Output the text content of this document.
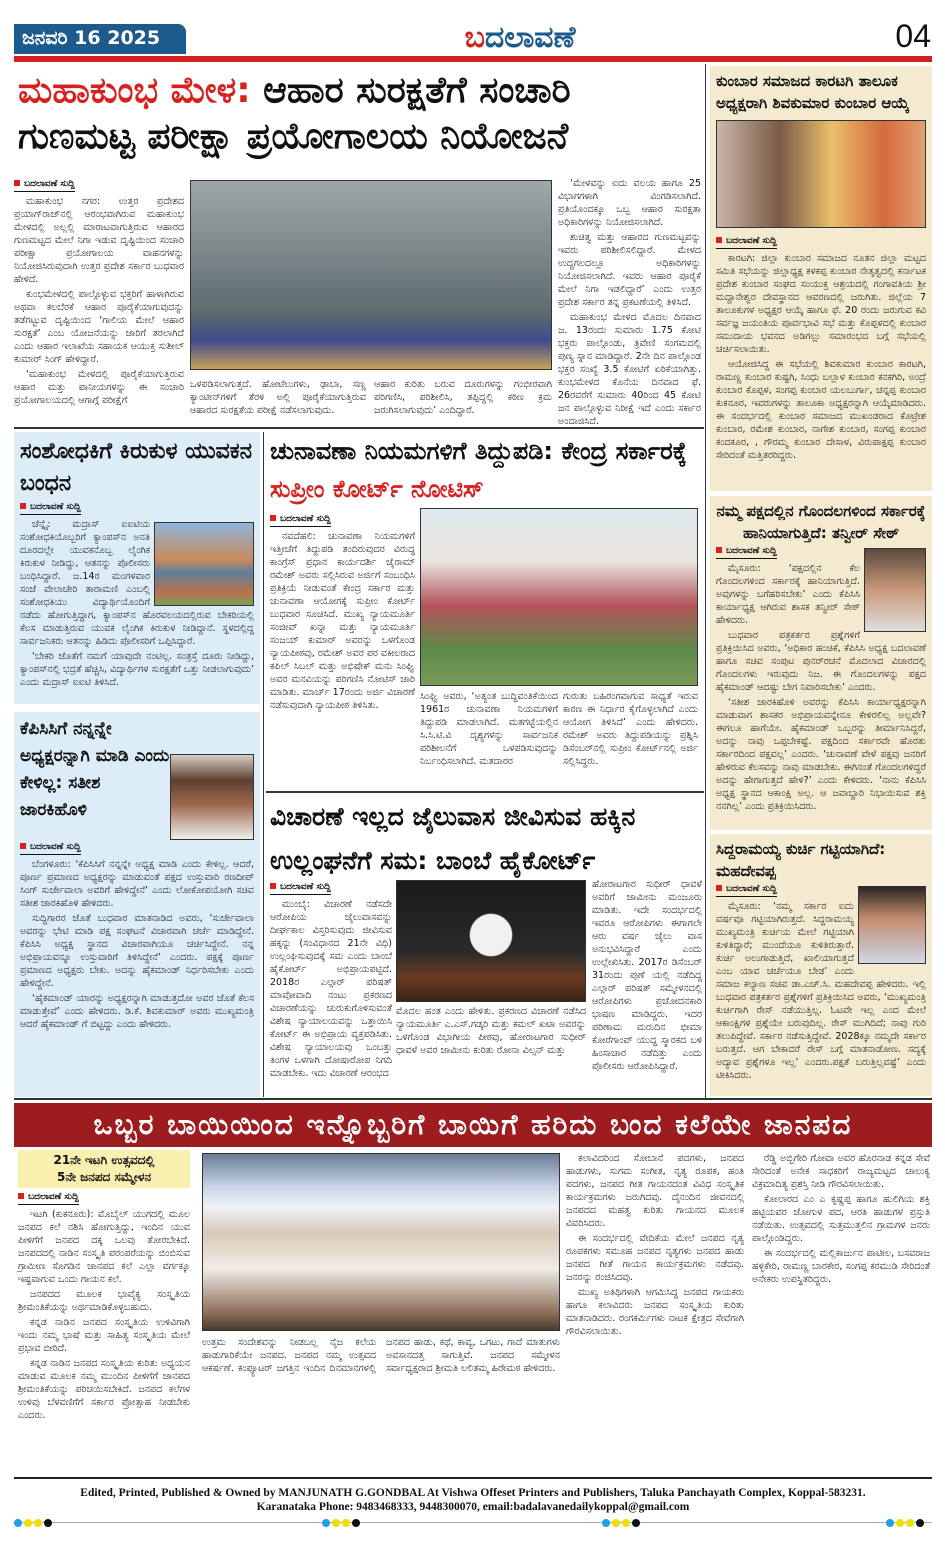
ಜನವರಿ 16 2025	ಬದಲಾವಣೆ	04
ಮಹಾಕುಂಭ ಮೇಳ: ಆಹಾರ ಸುರಕ್ಷತೆಗೆ ಸಂಚಾರಿ ಗುಣಮಟ್ಟ ಪರೀಕ್ಷಾ ಪ್ರಯೋಗಾಲಯ ನಿಯೋಜನೆ
ಬದಲಾವಣೆ ಸುದ್ದಿ

ಮಹಾಕುಂಭ ನಗರ: ಉತ್ತರ ಪ್ರದೇಶದ ಪ್ರಯಾಗ್‌ರಾಜ್‌ನಲ್ಲಿ ಆರಂಭವಾಗಿರುವ ಮಹಾಕುಂಭ ಮೇಳದಲ್ಲಿ ಅಲ್ಲಲ್ಲಿ ಮಾರಾಟವಾಗುತ್ತಿರುವ ಆಹಾರದ ಗುಣಮಟ್ಟದ ಮೇಲೆ ನಿಗಾ ಇಡುವ ದೃಷ್ಟಿಯಿಂದ ಸಂಚಾರಿ ಪರೀಕ್ಷಾ ಪ್ರಯೋಗಾಲಯ ವಾಹನಗಳನ್ನು ನಿಯೋಜಿಸಿರುವುದಾಗಿ ಉತ್ತರ ಪ್ರದೇಶ ಸರ್ಕಾರ ಬುಧವಾರ ಹೇಳಿದೆ.

ಕುಂಭಮೇಳದಲ್ಲಿ ಪಾಲ್ಗೊಳ್ಳುವ ಭಕ್ತರಿಗೆ ಹಾಳಾಗಿರುವ ಅಥವಾ ಕಲಬೆರಕೆ ಆಹಾರ ಪೂರೈಕೆಯಾಗುವುದನ್ನು ತಡೆಗಟ್ಟುವ ದೃಷ್ಟಿಯಿಂದ ‘ಗಾಲಿಯ ಮೇಲೆ ಆಹಾರ ಸುರಕ್ಷತೆ’ ಎಂಬ ಯೋಜನೆಯನ್ನು ಜಾರಿಗೆ ತರಲಾಗಿದೆ ಎಂದು ಆಹಾರ ಇಲಾಖೆಯ ಸಹಾಯಕ ಆಯುಕ್ತ ಸುಶೀಲ್ ಕುಮಾರ್ ಸಿಂಗ್ ಹೇಳಿದ್ದಾರೆ.

‘ಮಹಾಕುಂಭ ಮೇಳದಲ್ಲಿ ಪೂರೈಕೆಯಾಗುತ್ತಿರುವ ಆಹಾರ ಮತ್ತು ಪಾನೀಯಗಳನ್ನು ಈ ಸಂಚಾರಿ ಪ್ರಯೋಗಾಲಯದಲ್ಲಿ ಆಗಾಗ್ಗೆ ಪರೀಕ್ಷೆಗೆ

ಒಳಪಡಿಸಲಾಗುತ್ತದೆ. ಹೋಟೆಲುಗಳು, ಢಾಬಾ, ಸಣ್ಣ ಕ್ಯಾಂಟೀನ್‌ಗಳಿಗೆ ತೆರಳಿ ಅಲ್ಲಿ ಪೂರೈಕೆಯಾಗುತ್ತಿರುವ ಆಹಾರದ ಸುರಕ್ಷತೆಯ ಪರೀಕ್ಷೆ ನಡೆಸಲಾಗುವುದು.
ಆಹಾರ ಕುರಿತು ಬರುವ ದೂರುಗಳನ್ನು ಗಂಭೀರವಾಗಿ ಪರಿಗಣಿಸಿ, ಪರಿಶೀಲಿಸಿ, ತಪ್ಪಿದ್ದಲ್ಲಿ ಕಠಿಣ ಕ್ರಮ ಜರುಗಿಸಲಾಗುವುದು’ ಎಂದಿದ್ದಾರೆ.

‘ಮೇಳವನ್ನು ಐದು ವಲಯ ಹಾಗೂ 25 ವಿಭಾಗಗಳಾಗಿ ವಿಂಗಡಿಸಲಾಗಿದೆ. ಪ್ರತಿಯೊಂದಕ್ಕೂ ಒಬ್ಬ ಆಹಾರ ಸುರಕ್ಷತಾ ಅಧಿಕಾರಿಗಳನ್ನು ನಿಯೋಜಿಸಲಾಗಿದೆ.

ಶುಚಿತ್ವ ಮತ್ತು ಆಹಾರದ ಗುಣಮಟ್ಟವನ್ನು ಇವರು ಪರಿಶೀಲಿಸಲಿದ್ದಾರೆ. ಮೇಳದ ಉದ್ದಗಲದಲ್ಲೂ ಅಧಿಕಾರಿಗಳನ್ನು ನಿಯೋಜಿಸಲಾಗಿದೆ. ಇವರು ಆಹಾರ ಪೂರೈಕೆ ಮೇಲೆ ನಿಗಾ ಇಡಲಿದ್ದಾರೆ’ ಎಂದು ಉತ್ತರ ಪ್ರದೇಶ ಸರ್ಕಾರ ತನ್ನ ಪ್ರಕಟಣೆಯಲ್ಲಿ ತಿಳಿಸಿದೆ.

ಮಹಾಕುಂಭ ಮೇಳದ ಮೊದಲ ದಿನವಾದ ಜ. 13ರಂದು ಸುಮಾರು 1.75 ಕೋಟಿ ಭಕ್ತರು ಪಾಲ್ಗೊಂಡು, ತ್ರಿವೇಣಿ ಸಂಗಮದಲ್ಲಿ ಪುಣ್ಯ ಸ್ನಾನ ಮಾಡಿದ್ದಾರೆ. 2ನೇ ದಿನ ಪಾಲ್ಗೊಂಡ ಭಕ್ತರ ಸಂಖ್ಯೆ 3.5 ಕೋಟಿಗೆ ಏರಿಕೆಯಾಗಿತ್ತು. ಕುಂಭಮೇಳದ ಕೊನೆಯ ದಿನವಾದ ಫೆ. 26ರವರೆಗೆ ಸುಮಾರು 40ರಿಂದ 45 ಕೋಟಿ ಜನ ಪಾಲ್ಗೊಳ್ಳುವ ನಿರೀಕ್ಷೆ ಇದೆ ಎಂದು ಸರ್ಕಾರ ಅಂದಾಜಿಸಿದೆ.

ಕುಂಬಾರ ಸಮಾಜದ ಕಾರಟಗಿ ತಾಲೂಕ ಅಧ್ಯಕ್ಷರಾಗಿ ಶಿವಕುಮಾರ ಕುಂಬಾರ ಆಯ್ಕೆ
ಬದಲಾವಣೆ ಸುದ್ದಿ

ಕಾರಟಗಿ: ಜಿಲ್ಲಾ ಕುಂಬಾರ ಸಮಾಜದ ನೂತನ ಜಿಲ್ಲಾ ಮಟ್ಟದ ಸಮಿತಿ ಸಭೆಯನ್ನು ಜಿಲ್ಲಾಧ್ಯಕ್ಷ ಕಳಕಪ್ಪ ಕುಂಬಾರ ನೇತೃತ್ವದಲ್ಲಿ ಕರ್ನಾಟಕ ಪ್ರದೇಶ ಕುಂಬಾರ ಸಂಘದ ಸಂಯುಕ್ತ ಆಶ್ರಯದಲ್ಲಿ ಗಂಗಾವತಿಯ ಶ್ರೀ ಮದ್ದಾನೇಶ್ವರ ದೇವಸ್ಥಾನದ ಆವರಣದಲ್ಲಿ ಜರುಗಿತು. ಜಿಲ್ಲೆಯ 7 ತಾಲೂಕುಗಳ ಅಧ್ಯಕ್ಷರ ಆಯ್ಕೆ ಹಾಗೂ ಫೆ. 20 ರಂದು ಜರುಗುವ ಕವಿ ಸರ್ವಜ್ಞ ಜಯಂತಿಯ ಪೂರ್ವಭಾವಿ ಸಭೆ ಮತ್ತು ಕೊಪ್ಪಳದಲ್ಲಿ ಕುಂಬಾರ ಸಮುದಾಯ ಭವನದ ಅಡಿಗಲ್ಲು ಸಮಾರಂಭದ ಬಗ್ಗೆ ಸಭೆಯಲ್ಲಿ ಚರ್ಚಿಸಲಾಯಿತು.

ಆಯೋಜಿಸಿದ್ದ ಈ ಸಭೆಯಲ್ಲಿ ಶಿವಕುಮಾರ ಕುಂಬಾರ ಕಾರಟಗಿ, ರಾಮಣ್ಣ ಕುಂಬಾರ ಕುಷ್ಟಗಿ, ಸಿಂಧು ಬಲ್ಲಾಳ ಕುಂಬಾರ ಕನಕಗಿರಿ, ಅಂದ್ರೆ ಕುಂಬಾರ ಕೊಪ್ಪಳ, ಸಂಗಪ್ಪ ಕುಂಬಾರ ಯಲಬುರ್ಗಾ, ಚನ್ನಪ್ಪ ಕುಂಬಾರ ಕುಕನೂರ, ಇವರುಗಳನ್ನು ತಾಲೂಕಾ ಅಧ್ಯಕ್ಷರನ್ನಾಗಿ ಆಯ್ಕೆಮಾಡಿದರು. ಈ ಸಂದರ್ಭದಲ್ಲಿ ಕುಂಬಾರ ಸಮಾಜದ ಮುಖಂಡರಾದ ಕೊಟ್ರೇಶ ಕುಂಬಾರ, ರಮೇಶ ಕುಂಬಾರ, ನಾಗೇಶ ಕುಂಬಾರ, ಸಂಗಪ್ಪ ಕುಂಬಾರ ಕಂದಕೂರ, , ಗೌರಮ್ಮ ಕುಂಬಾರ ದೇಸಾಳ, ವಿರುಪಾಕ್ಷಪ್ಪ ಕುಂಬಾರ ಸೇರಿದಂತೆ ಮತ್ತಿತರರಿದ್ದರು.

ನಮ್ಮ ಪಕ್ಷದಲ್ಲಿನ ಗೊಂದಲಗಳಿಂದ ಸರ್ಕಾರಕ್ಕೆ ಹಾನಿಯಾಗುತ್ತಿದೆ: ತನ್ವೀರ್ ಸೇಠ್
ಬದಲಾವಣೆ ಸುದ್ದಿ

ಮೈಸೂರು: ‘ಪಕ್ಷದಲ್ಲಿನ ಕೆಲ ಗೊಂದಲಗಳಿಂದ ಸರ್ಕಾರಕ್ಕೆ ಹಾನಿಯಾಗುತ್ತಿದೆ. ಅವುಗಳನ್ನು ಬಗೆಹರಿಸಬೇಕು’ ಎಂದು ಕೆಪಿಸಿಸಿ ಕಾರ್ಯಾಧ್ಯಕ್ಷ ಆಗಿರುವ ಶಾಸಕ ತನ್ವೀರ್ ಸೇಠ್ ಹೇಳಿದರು.

ಬುಧವಾರ ಪತ್ರಕರ್ತರ ಪ್ರಶ್ನೆಗಳಿಗೆ ಪ್ರತಿಕ್ರಿಯಿಸಿದ ಅವರು, ‘ಅಧಿಕಾರ ಹಂಚಿಕೆ, ಕೆಪಿಸಿಸಿ ಅಧ್ಯಕ್ಷ ಬದಲಾವಣೆ ಹಾಗೂ ಸಚಿವ ಸಂಪುಟ ಪುನರ್‌ರಚನೆ ಮೊದಲಾದ ವಿಚಾರದಲ್ಲಿ ಗೊಂದಲಗಳು ಇರುವುದು ನಿಜ. ಈ ಗೊಂದಲಗಳನ್ನು ಪಕ್ಷದ ಹೈಕಮಾಂಡ್ ಆದಷ್ಟು ಬೇಗ ನಿವಾರಿಸಬೇಕು’ ಎಂದರು.

‘ಸತೀಶ ಜಾರಕಿಹೊಳಿ ಅವರನ್ನು ಕೆಪಿಸಿಸಿ ಕಾರ್ಯಾಧ್ಯಕ್ಷರನ್ನಾಗಿ ಮಾಡುವಾಗ ಶಾಸಕರ ಅಭಿಪ್ರಾಯವನ್ನೇನೂ ಕೇಳಿರಲಿಲ್ಲ ಅಲ್ಲವೇ? ಈಗಲೂ ಹಾಗೆಯೇ. ಹೈಕಮಾಂಡ್ ಒಬ್ಬರನ್ನು ತೀರ್ಮಾನಿಸಿದ್ದರೆ, ಅದನ್ನು ನಾವು ಒಪ್ಪಬೇಕಷ್ಟೆ. ಪಕ್ಷದಿಂದ ಸರ್ಕಾರವೇ ಹೊರತು ಸರ್ಕಾರದಿಂದ ಪಕ್ಷವಲ್ಲ’ ಎಂದರು. ‘ಚುನಾವಣೆ ವೇಳೆ ಪಕ್ಷವು ಜನರಿಗೆ ಹೇಳಿರುವ ಕೆಲಸವನ್ನು ನಾವು ಮಾಡಬೇಕು. ಈಗಿನಂತೆ ಗೊಂದಲಗಳಿದ್ದರೆ ಅದನ್ನು ಹೇಗಾಗುತ್ತದೆ ಹೇಳಿ?’ ಎಂದು ಕೇಳಿದರು. ‘ನಾನು ಕೆಪಿಸಿಸಿ ಅಧ್ಯಕ್ಷ ಸ್ಥಾನದ ಆಕಾಂಕ್ಷಿ ಅಲ್ಲ. ಆ ಜವಾಬ್ದಾರಿ ನಿಭಾಯಿಸುವ ಶಕ್ತಿ ನನಗಿಲ್ಲ’ ಎಂದು ಪ್ರತಿಕ್ರಿಯಿಸಿದರು.

ಸಿದ್ದರಾಮಯ್ಯ ಕುರ್ಚಿ ಗಟ್ಟಿಯಾಗಿದೆ: ಮಹದೇವಪ್ಪ
ಬದಲಾವಣೆ ಸುದ್ದಿ

ಮೈಸೂರು: ‘ನಮ್ಮ ಸರ್ಕಾರ ಐದು ವರ್ಷವೂ ಗಟ್ಟಿಯಾಗಿರುತ್ತದೆ. ಸಿದ್ದರಾಮಯ್ಯ ಮುಖ್ಯಮಂತ್ರಿ ಕುರ್ಚಿಯ ಮೇಲೆ ಗಟ್ಟಿಯಾಗಿ ಕುಳಿತಿದ್ದಾರೆ; ಮುಂದೆಯೂ ಕುಳಿತಿರುತ್ತಾರೆ. ಕುರ್ಚಿ ಅಲುಗಾಡುತ್ತಿದೆ, ಖಾಲಿಯಾಗುತ್ತದೆ ಎಂಬ ಯಾವ ಚರ್ಚೆಯೂ ಬೇಡ’ ಎಂದು ಸಮಾಜ ಕಲ್ಯಾಣ ಸಚಿವ ಡಾ.ಎಚ್.ಸಿ. ಮಹದೇವಪ್ಪ ಹೇಳಿದರು. ಇಲ್ಲಿ ಬುಧವಾರ ಪತ್ರಕರ್ತರ ಪ್ರಶ್ನೆಗಳಿಗೆ ಪ್ರತಿಕ್ರಿಯಿಸಿದ ಅವರು, ‘ಮುಖ್ಯಮಂತ್ರಿ ಕುರ್ಚಿಗಾಗಿ ರೇಸ್ ನಡೆಯುತ್ತಿಲ್ಲ. ಓಟವೇ ಇಲ್ಲ ಎಂದ ಮೇಲೆ ಆಕಾಂಕ್ಷಿಗಳ ಪ್ರಶ್ನೆಯೇ ಬರುವುದಿಲ್ಲ. ರೇಸ್ ಮುಗಿದಿದೆ; ನಾವು ಗುರಿ ತಲುಪಿದ್ದೇವೆ. ಸರ್ಕಾರ ನಡೆಸುತ್ತಿದ್ದೇವೆ. 2028ಕ್ಕೂ ನಮ್ಮದೇ ಸರ್ಕಾರ ಬರುತ್ತದೆ. ಆಗ ಬೇಕಾದರೆ ರೇಸ್ ಬಗ್ಗೆ ಮಾತನಾಡೋಣ. ಸದ್ಯಕ್ಕೆ ಅದ್ಯಾವ ಪ್ರಶ್ನೆಗಳೂ ಇಲ್ಲ’ ಎಂದರು.ಪಕ್ಷತೆ ಬರುತ್ತಿಲ್ಲವಷ್ಟೆ’ ಎಂದು ಟೀಕಿಸಿದರು.

ಸಂಶೋಧಕಿಗೆ ಕಿರುಕುಳ ಯುವಕನ ಬಂಧನ
ಬದಲಾವಣೆ ಸುದ್ದಿ

ಚೆನ್ನೈ: ಮದ್ರಾಸ್ ಐಐಟಿಯ ಸಂಶೋಧಕಿಯೊಬ್ಬರಿಗೆ ಕ್ಯಾಂಪಸ್‌ನ ಅನತಿ ದೂರದಲ್ಲೇ ಯುವಕನೊಬ್ಬ ಲೈಂಗಿಕ ಕಿರುಕುಳ ನೀಡಿದ್ದು, ಆತನನ್ನು ಪೊಲೀಸರು ಬಂಧಿಸಿದ್ದಾರೆ. ಜ.14ರ ಮಂಗಳವಾರ ಸಂಜೆ ವೇಲಾಚೇರಿ ತಾರಾಮಣಿ ಎಂಬಲ್ಲಿ ಸಂಶೋಧಕಿಯು ವಿದ್ಯಾರ್ಥಿಯೊಂದಿಗೆ ನಡೆದು ಹೋಗುತ್ತಿದ್ದಾಗ, ಕ್ಯಾಂಪಸ್‌ನ ಹೊರವಲಯದಲ್ಲಿರುವ ಬೇಕರಿಯಲ್ಲಿ ಕೆಲಸ ಮಾಡುತ್ತಿರುವ ಯುವಕ ಲೈಂಗಿಕ ಕಿರುಕುಳ ನೀಡಿದ್ದಾನೆ. ಸ್ಥಳದಲ್ಲಿದ್ದ ಸಾರ್ವಜನಿಕರು ಆತನನ್ನು ಹಿಡಿದು ಪೊಲೀಸರಿಗೆ ಒಪ್ಪಿಸಿದ್ದಾರೆ.

‘ಬೇಕರಿ ಜೊತೆಗೆ ನಮಗೆ ಯಾವುದೇ ನಂಟಿಲ್ಲ. ಸಂತ್ರಸ್ತೆ ದೂರು ನೀಡಿದ್ದು, ಕ್ಯಾಂಪಸ್‌ನಲ್ಲಿ ಭದ್ರತೆ ಹೆಚ್ಚಿಸಿ, ವಿದ್ಯಾರ್ಥಿಗಳ ಸುರಕ್ಷತೆಗೆ ಒತ್ತು ನೀಡಲಾಗುವುದು’ ಎಂದು ಮದ್ರಾಸ್ ಐಐಟಿ ತಿಳಿಸಿದೆ.

ಕೆಪಿಸಿಸಿಗೆ ನನ್ನನ್ನೇ ಅಧ್ಯಕ್ಷರನ್ನಾಗಿ ಮಾಡಿ ಎಂದು ಕೇಳಿಲ್ಲ: ಸತೀಶ ಜಾರಕಿಹೊಳಿ
ಬದಲಾವಣೆ ಸುದ್ದಿ

ಬೆಂಗಳೂರು: ‘ಕೆಪಿಸಿಸಿಗೆ ನನ್ನನ್ನೇ ಅಧ್ಯಕ್ಷ ಮಾಡಿ ಎಂದು ಕೇಳಿಲ್ಲ. ಆದರೆ, ಪೂರ್ಣ ಪ್ರಮಾಣದ ಅಧ್ಯಕ್ಷರನ್ನು ಮಾಡುವಂತೆ ಪಕ್ಷದ ಉಸ್ತುವಾರಿ ರಣದೀಪ್ ಸಿಂಗ್ ಸುರ್ಜೇವಾಲಾ ಅವರಿಗೆ ಹೇಳಿದ್ದೇನೆ’ ಎಂದು ಲೋಕೋಪಯೋಗಿ ಸಚಿವ ಸತೀಶ ಜಾರಕಿಹೊಳಿ ಹೇಳಿದರು.

ಸುದ್ದಿಗಾರರ ಜೊತೆ ಬುಧವಾರ ಮಾತನಾಡಿದ ಅವರು, ‘ಸುರ್ಜೇವಾಲಾ ಅವರನ್ನು ಭೇಟಿ ಮಾಡಿ ಪಕ್ಷ ಸಂಘಟನೆ ವಿಚಾರವಾಗಿ ಚರ್ಚೆ ಮಾಡಿದ್ದೇನೆ. ಕೆಪಿಸಿಸಿ ಅಧ್ಯಕ್ಷ ಸ್ಥಾನದ ವಿಚಾರವಾಗಿಯೂ ಚರ್ಚಿಸಿದ್ದೇನೆ. ನನ್ನ ಅಭಿಪ್ರಾಯವನ್ನೂ ಉಸ್ತುವಾರಿಗೆ ತಿಳಿಸಿದ್ದೇನೆ’ ಎಂದರು. ಪಕ್ಷಕ್ಕೆ ಪೂರ್ಣ ಪ್ರಮಾಣದ ಅಧ್ಯಕ್ಷರು ಬೇಕು. ಅದನ್ನು ಹೈಕಮಾಂಡ್ ನಿರ್ಧರಿಸಬೇಕು ಎಂದು ಹೇಳಿದ್ದೇನೆ.

‘ಹೈಕಮಾಂಡ್ ಯಾರನ್ನು ಅಧ್ಯಕ್ಷರನ್ನಾಗಿ ಮಾಡುತ್ತದೋ ಅವರ ಜೊತೆ ಕೆಲಸ ಮಾಡುತ್ತೇವೆ’ ಎಂದು ಹೇಳಿದರು. ಡಿ.ಕೆ. ಶಿವಕುಮಾರ್ ಅವರು ಮುಖ್ಯಮಂತ್ರಿ ಆದರೆ ಹೈಕಮಾಂಡ್ ಗೆ ಬಿಟ್ಟದ್ದು ಎಂದು ಹೇಳಿದರು.

ಚುನಾವಣಾ ನಿಯಮಗಳಿಗೆ ತಿದ್ದುಪಡಿ: ಕೇಂದ್ರ ಸರ್ಕಾರಕ್ಕೆ ಸುಪ್ರೀಂ ಕೋರ್ಟ್ ನೋಟಿಸ್
ಬದಲಾವಣೆ ಸುದ್ದಿ

ನವದೆಹಲಿ: ಚುನಾವಣಾ ನಿಯಮಗಳಿಗೆ ಇತ್ತೀಚೆಗೆ ತಿದ್ದುಪಡಿ ತಂದಿರುವುದರ ವಿರುದ್ಧ ಕಾಂಗ್ರೆಸ್ ಪ್ರಧಾನ ಕಾರ್ಯದರ್ಶಿ ಜೈರಾಮ್ ರಮೇಶ್ ಅವರು ಸಲ್ಲಿಸಿರುವ ಅರ್ಜಿಗೆ ಸಂಬಂಧಿಸಿ ಪ್ರತಿಕ್ರಿಯೆ ನೀಡುವಂತೆ ಕೇಂದ್ರ ಸರ್ಕಾರ ಮತ್ತು ಚುನಾವಣಾ ಆಯೋಗಕ್ಕೆ ಸುಪ್ರೀಂ ಕೋರ್ಟ್ ಬುಧವಾರ ಸೂಚಿಸಿದೆ. ಮುಖ್ಯ ನ್ಯಾಯಮೂರ್ತಿ ಸಂಜೀವ್ ಖನ್ನಾ ಮತ್ತು ನ್ಯಾಯಮೂರ್ತಿ ಸಂಜಯ್ ಕುಮಾರ್ ಅವರನ್ನು ಒಳಗೊಂಡ ನ್ಯಾಯಪೀಠವು, ರಮೇಶ್ ಅವರ ಪರ ವಕೀಲರಾದ ಕಪಿಲ್ ಸಿಬಲ್ ಮತ್ತು ಅಭಿಷೇಕ್ ಮನು ಸಿಂಘ್ವಿ ಅವರ ಮನವಿಯನ್ನು ಪರಿಗಣಿಸಿ ನೋಟಿಸ್ ಜಾರಿ ಮಾಡಿತು. ಮಾರ್ಚ್ 17ರಂದು ಅರ್ಜಿ ವಿಚಾರಣೆ ನಡೆಸುವುದಾಗಿ ನ್ಯಾಯಪೀಠ ತಿಳಿಸಿತು.

ಸಿಂಘ್ವಿ ಅವರು, ‘ಅತ್ಯಂತ ಬುದ್ಧಿವಂತಿಕೆಯಿಂದ 1961ರ ಚುನಾವಣಾ ನಿಯಮಗಳಿಗೆ ತಿದ್ದುಪಡಿ ಮಾಡಲಾಗಿದೆ. ಮತಗಟ್ಟೆಯಲ್ಲಿನ ಸಿ.ಸಿ.ಟಿ.ವಿ ದೃಶ್ಯಗಳನ್ನು ಸಾರ್ವಜನಿಕ ಪರಿಶೀಲನೆಗೆ ಒಳಪಡಿಸುವುದನ್ನು ನಿರ್ಬಂಧಿಸಲಾಗಿದೆ. ಮತದಾರರ
ಗುರುತು ಬಹಿರಂಗವಾಗುವ ಸಾಧ್ಯತೆ ಇರುವ ಕಾರಣ ಈ ನಿರ್ಧಾರ ಕೈಗೊಳ್ಳಲಾಗಿದೆ ಎಂದು ಆಯೋಗ ತಿಳಿಸಿದೆ’ ಎಂದು ಹೇಳಿದರು. ರಮೇಶ್ ಅವರು ತಿದ್ದುಪಡಿಯನ್ನು ಪ್ರಶ್ನಿಸಿ ಡಿಸೆಂಬರ್‌ನಲ್ಲಿ ಸುಪ್ರೀಂ ಕೋರ್ಟ್‌ನಲ್ಲಿ ಅರ್ಜಿ ಸಲ್ಲಿಸಿದ್ದರು.
ವಿಚಾರಣೆ ಇಲ್ಲದ ಜೈಲುವಾಸ ಜೀವಿಸುವ ಹಕ್ಕಿನ ಉಲ್ಲಂಘನೆಗೆ ಸಮ: ಬಾಂಬೆ ಹೈಕೋರ್ಟ್
ಬದಲಾವಣೆ ಸುದ್ದಿ

ಮುಂಬೈ: ವಿಚಾರಣೆ ನಡೆಸದೇ ಆರೋಪಿಯ ಜೈಲುವಾಸವನ್ನು ದೀರ್ಘಕಾಲ ವಿಸ್ತರಿಸುವುದು ಜೀವಿಸುವ ಹಕ್ಕನ್ನು (ಸಂವಿಧಾನದ 21ನೇ ವಿಧಿ) ಉಲ್ಲಂಘಿಸುವುದಕ್ಕೆ ಸಮ ಎಂದು ಬಾಂಬೆ ಹೈಕೋರ್ಟ್ ಅಭಿಪ್ರಾಯಪಟ್ಟಿದೆ. 2018ರ ಎಲ್ಗಾರ್ ಪರಿಷತ್ ಮಾವೋವಾದಿ ನಂಟು ಪ್ರಕರಣದ ವಿಚಾರಣೆಯನ್ನು ಚುರುಕುಗೊಳಿಸುವಂತೆ ವಿಶೇಷ ನ್ಯಾಯಾಲಯವನ್ನು ಒತ್ತಾಯಿಸಿ ಕೋರ್ಟ್ ಈ ಅಭಿಪ್ರಾಯ ವ್ಯಕ್ತಪಡಿಸಿತು. ವಿಶೇಷ ನ್ಯಾಯಾಲಯವು ಒಂಬತ್ತು ತಿಂಗಳ ಒಳಗಾಗಿ ದೋಷಾರೋಪ ನಿಗದಿ ಮಾಡಬೇಕು. ಇದು ವಿಚಾರಣೆ ಆರಂಭದ

ಮೊದಲ ಹಂತ ಎಂದು ಹೇಳಿತು. ಪ್ರಕರಣದ ವಿಚಾರಣೆ ನಡೆಸಿದ ನ್ಯಾಯಮೂರ್ತಿ ಎ.ಎಸ್.ಗಡ್ಕರಿ ಮತ್ತು ಕಮಲ್ ಖಟಾ ಅವರನ್ನು ಒಳಗೊಂಡ ವಿಭಾಗೀಯ ಪೀಠವು, ಹೋರಾಟಗಾರ ಸುಧೀರ್ ಧಾವಳೆ ಅವರ ಜಾಮೀನು ಕುರಿತು ರೋನಾ ವಿಲ್ಸನ್ ಮತ್ತು
ಹೋರಾಟಗಾರ ಸುಧೀರ್ ಧಾವಳೆ ಅವರಿಗೆ ಜಾಮೀನು ಮಂಜೂರು ಮಾಡಿತು. ಇದೇ ಸಂದರ್ಭದಲ್ಲಿ ಇವರೂ ಆರೋಪಿಗಳು ಈಗಾಗಲೇ ಆರು ವರ್ಷ ಜೈಲು ವಾಸ ಅನುಭವಿಸಿದ್ದಾರೆ ಎಂದು ಉಲ್ಲೇಖಿಸಿತು. 2017ರ ಡಿಸೆಂಬರ್ 31ರಂದು ಪುಣೆ ಯಲ್ಲಿ ನಡೆದಿದ್ದ ಎಲ್ಗಾರ್ ಪರಿಷತ್ ಸಮ್ಮೇಳನದಲ್ಲಿ ಆರೋಪಿಗಳು ಪ್ರಚೋದನಕಾರಿ ಭಾಷಣ ಮಾಡಿದ್ದರು. ಇದರ ಪರಿಣಾಮ ಮರುದಿನ ಭೀಮಾ ಕೋರೆಗಾಂವ್ ಯುದ್ಧ ಸ್ಮಾರಕದ ಬಳಿ ಹಿಂಸಾಚಾರ ನಡೆದಿತ್ತು ಎಂದು ಪೊಲೀಸರು ಆರೋಪಿಸಿದ್ದಾರೆ.
ಒಬ್ಬರ ಬಾಯಿಯಿಂದ ಇನ್ನೊಬ್ಬರಿಗೆ ಬಾಯಿಗೆ ಹರಿದು ಬಂದ ಕಲೆಯೇ ಜಾನಪದ
21ನೇ ಇಟಗಿ ಉತ್ಸವದಲ್ಲಿ
5ನೇ ಜನಪದ ಸಮ್ಮೇಳನ
ಬದಲಾವಣೆ ಸುದ್ದಿ

ಇಟಗಿ (ಕುಕನೂರು): ಮೊಬೈಲ್ ಯುಗದಲ್ಲಿ ಮೂಲ ಜನಪದ ಕಲೆ ನಶಿಸಿ ಹೋಗುತ್ತಿದ್ದು, ಇಂದಿನ ಯುವ ಪೀಳಿಗೆಗೆ ಜನಪದ ದಕ್ಕ ಒಲವು ತೋರಬೇಕಿದೆ. ಜನಪದದಲ್ಲಿ ನಾಡಿನ ಸಂಸ್ಕೃತಿ ಪರಂಪರೆಯನ್ನು ಬಿಂಬಿಸುವ ಗ್ರಾಮೀಣ ಸೊಗಡಿನ ಜಾನಪದ ಕಲೆ ಎಲ್ಲಾ ವರ್ಗಕ್ಕೂ ಇಷ್ಟವಾಗುವ ಒಂದು ಗಾಯನ ಕಲೆ.

ಜನಪದದ ಮೂಲಕ ಭಾವೈಕ್ಯ ಸಂಸ್ಕೃತಿಯ ಶ್ರೀಮಂತಿಕೆಯನ್ನು ಅರ್ಥಮಾಡಿಕೊಳ್ಳಬಹುದು.

ಕನ್ನಡ ನಾಡಿನ ಜನಪದ ಸಂಸ್ಕೃತಿಯ ಉಳಿವಿಗಾಗಿ ಇಂದು ನಮ್ಮ ಭಾಷೆ ಮತ್ತು ಸಾಹಿತ್ಯ ಸಂಸ್ಕೃತಿಯ ಮೇಲೆ ಪ್ರಭಾವ ಬೀರಿದೆ.

ಕನ್ನಡ ನಾಡಿನ ಜನಪದ ಸಂಸ್ಕೃತಿಯ ಕುರಿತು ಅಧ್ಯಯನ ಮಾಡುವ ಮೂಲಕ ನಮ್ಮ ಮುಂದಿನ ಪೀಳಿಗೆಗೆ ಜಾನಪದ ಶ್ರೀಮಂತಿಕೆಯನ್ನು ಪರಿಚಯಿಸಬೇಕಿದೆ. ಜನಪದ ಕಲೆಗಳ ಉಳಿವು ಬೆಳವಣಿಗೆಗೆ ಸರ್ಕಾರ ಪ್ರೋತ್ಸಾಹ ನೀಡಬೇಕು ಎಂದರು.

ಉತ್ತಮ ಸಂದೇಶವನ್ನು ನೀಡಬಲ್ಲ ನೈಜ ಕಲೆಯ ಹಾಡುಗಾರಿಕೆಯೇ ಜನಪದ. ಜನಪದ ನಮ್ಮ ಉತ್ಸವದ ಆಕರ್ಷಣೆ. ಕಂಪ್ಯೂಟರ್ ಜಗತ್ತಿನ ಇಂದಿನ ದಿನಮಾನಗಳಲ್ಲಿ ಜನಪದ ಹಾಡು, ಕಥೆ, ಕಾವ್ಯ, ಒಗಟು, ಗಾದೆ ಮಾತುಗಳು ಅವಸಾನದತ್ತ ಸಾಗುತ್ತಿವೆ. ಜನಪದ ಸಮ್ಮೇಳನ ಸರ್ವಾಧ್ಯಕ್ಷರಾದ ಶ್ರೀಮತಿ ಲಲಿತಮ್ಮ ಹಿರೇಮಠ ಹೇಳಿದರು.

ಕಲಾವಿದರಿಂದ ಸೋಬಾನೆ ಪದಗಳು, ಜನಪದ ಹಾಡುಗಳು, ಸುಗಮ ಸಂಗೀತ, ನೃತ್ಯ ರೂಪಕ, ಹಂತಿ ಪದಗಳು, ಜನಪದ ಗೀತ ಗಾಯನದಂತ ವಿವಿಧ ಸಂಸ್ಕೃತಿಕ ಕಾರ್ಯಕ್ರಮಗಳು ಜರುಗಿದವು. ದೈನಂದಿನ ಜೀವನದಲ್ಲಿ ಜನಪದದ ಮಹತ್ವ ಕುರಿತು ಗಾಯನದ ಮೂಲಕ ವಿವರಿಸಿದರು.

ಈ ಸಂದರ್ಭದಲ್ಲಿ ವೇದಿಕೆಯ ಮೇಲೆ ಜನಪದ ನೃತ್ಯ ರೂಪಕಗಳು ಸಮೂಹ ಜನಪದ ನೃತ್ಯಗಳು ಜನಪದ ಹಾಡು ಜನಪದ ಗೀತೆ ಗಾಯನ ಕಾರ್ಯಕ್ರಮಗಳು ನಡೆದವು. ಜನರನ್ನು ರಂಜಿಸಿದವು.

ಮುಖ್ಯ ಅತಿಥಿಗಳಾಗಿ ಆಗಮಿಸಿದ್ದ ಜನಪದ ಗಾಯಕರು ಹಾಗೂ ಕಲಾವಿದರು ಜನಪದ ಸಂಸ್ಕೃತಿಯ ಕುರಿತು ಮಾತನಾಡಿದರು. ರಂಗಕರ್ಮಿಗಳು ನಾಟಕ ಕ್ಷೇತ್ರದ ಸೇವೆಗಾಗಿ ಗೌರವಿಸಲಾಯಿತು.

ರೆಡ್ಡಿ ಅಬ್ಬಿಗೇರಿ ಗೋವಾ ಅವರ ಹೊರನಾಡ ಕನ್ನಡ ಸೇವೆ ಸೇರಿದಂತೆ ಅನೇಕ ಸಾಧಕರಿಗೆ ರಾಜ್ಯಮಟ್ಟದ ಚಾಲುಕ್ಯ ವಿಕ್ರಮಾದಿತ್ಯ ಪ್ರಶಸ್ತಿ ನೀಡಿ ಗೌರವಿಸಲಾಯಿತು.

ಕೋಲಾರದ ಎಂ ಎ ಕೃಷ್ಣಪ್ಪ ಹಾಗೂ ಹುಲಿಗಿಯ ಶಕ್ತಿ ಹಟ್ಟಿಯವರ ಜೋಗುಳ ಪದ, ಆರತಿ ಹಾಡುಗಳ ಪ್ರಸ್ತುತಿ ನಡೆಯಿತು. ಉತ್ಸವದಲ್ಲಿ ಸುತ್ತಮುತ್ತಲಿನ ಗ್ರಾಮಗಳ ಜನರು ಪಾಲ್ಗೊಂಡಿದ್ದರು.

ಈ ಸಂದರ್ಭದಲ್ಲಿ ಮಲ್ಲಿಕಾರ್ಜುನ ಪಾಟೀಲ, ಬಸವರಾಜ ಹಳ್ಳಿಕೇರಿ, ರಾಮಣ್ಣ ಬಾರಕೇರ, ಸಂಗಪ್ಪ ಕರಮುಡಿ ಸೇರಿದಂತೆ ಅನೇಕರು ಉಪಸ್ಥಿತರಿದ್ದರು.

Edited, Printed, Published & Owned by MANJUNATH G.GONDBAL At Vishwa Offeset Printers and Publishers, Taluka Panchayath Complex, Koppal-583231.
Karanataka Phone: 9483468333, 9448300070, email:badalavanedailykoppal@gmail.com
